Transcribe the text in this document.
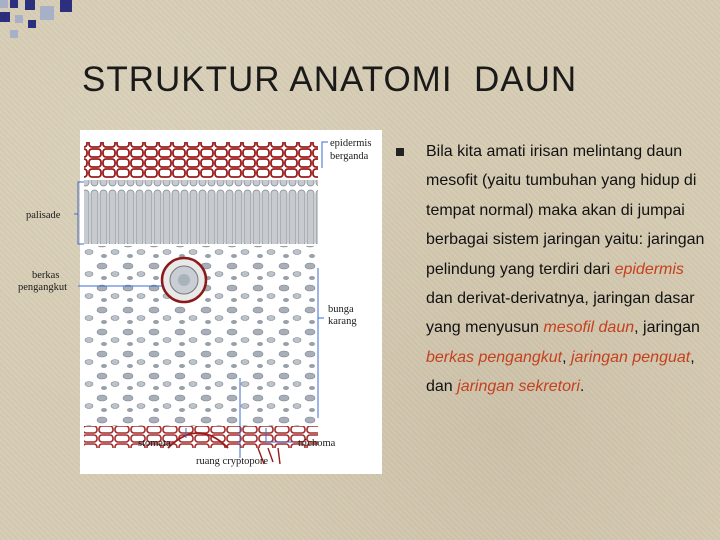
STRUKTUR ANATOMI  DAUN
epidermis
berganda
palisade
berkas
pengangkut
bunga
karang
stomata	trichoma
ruang cryptopore
Bila kita amati irisan melintang daun mesofit (yaitu tumbuhan yang hidup di tempat normal) maka akan di jumpai berbagai sistem jaringan yaitu: jaringan pelindung yang terdiri dari epidermis dan derivat-derivatnya, jaringan dasar yang menyusun mesofil daun, jaringan berkas pengangkut, jaringan penguat, dan jaringan sekretori.
